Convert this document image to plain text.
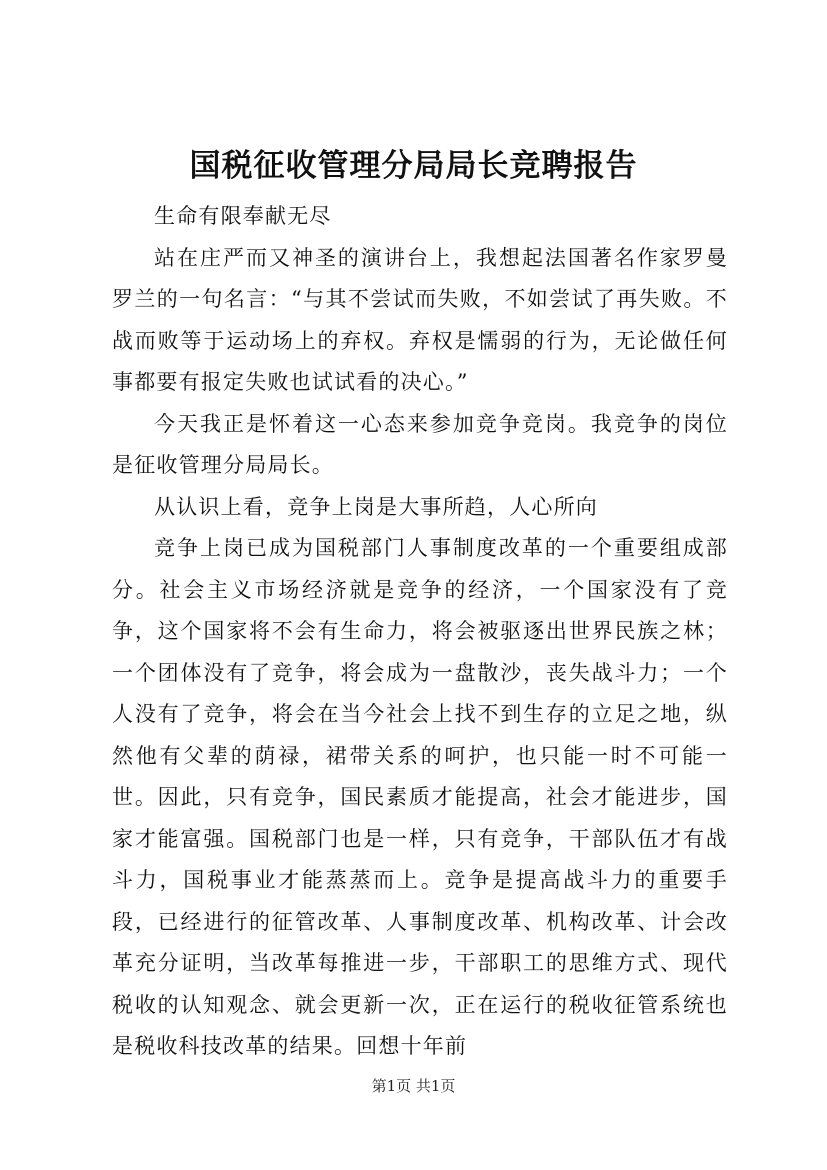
国税征收管理分局局长竞聘报告

生命有限奉献无尽

站在庄严而又神圣的演讲台上，我想起法国著名作家罗曼罗兰的一句名言：“与其不尝试而失败，不如尝试了再失败。不战而败等于运动场上的弃权。弃权是懦弱的行为，无论做任何事都要有报定失败也试试看的决心。”

今天我正是怀着这一心态来参加竞争竞岗。我竞争的岗位是征收管理分局局长。

从认识上看，竞争上岗是大事所趋，人心所向

竞争上岗已成为国税部门人事制度改革的一个重要组成部分。社会主义市场经济就是竞争的经济，一个国家没有了竞争，这个国家将不会有生命力，将会被驱逐出世界民族之林；一个团体没有了竞争，将会成为一盘散沙，丧失战斗力；一个人没有了竞争，将会在当今社会上找不到生存的立足之地，纵然他有父辈的荫禄，裙带关系的呵护，也只能一时不可能一世。因此，只有竞争，国民素质才能提高，社会才能进步，国家才能富强。国税部门也是一样，只有竞争，干部队伍才有战斗力，国税事业才能蒸蒸而上。竞争是提高战斗力的重要手段，已经进行的征管改革、人事制度改革、机构改革、计会改革充分证明，当改革每推进一步，干部职工的思维方式、现代税收的认知观念、就会更新一次，正在运行的税收征管系统也是税收科技改革的结果。回想十年前

第1页 共1页
